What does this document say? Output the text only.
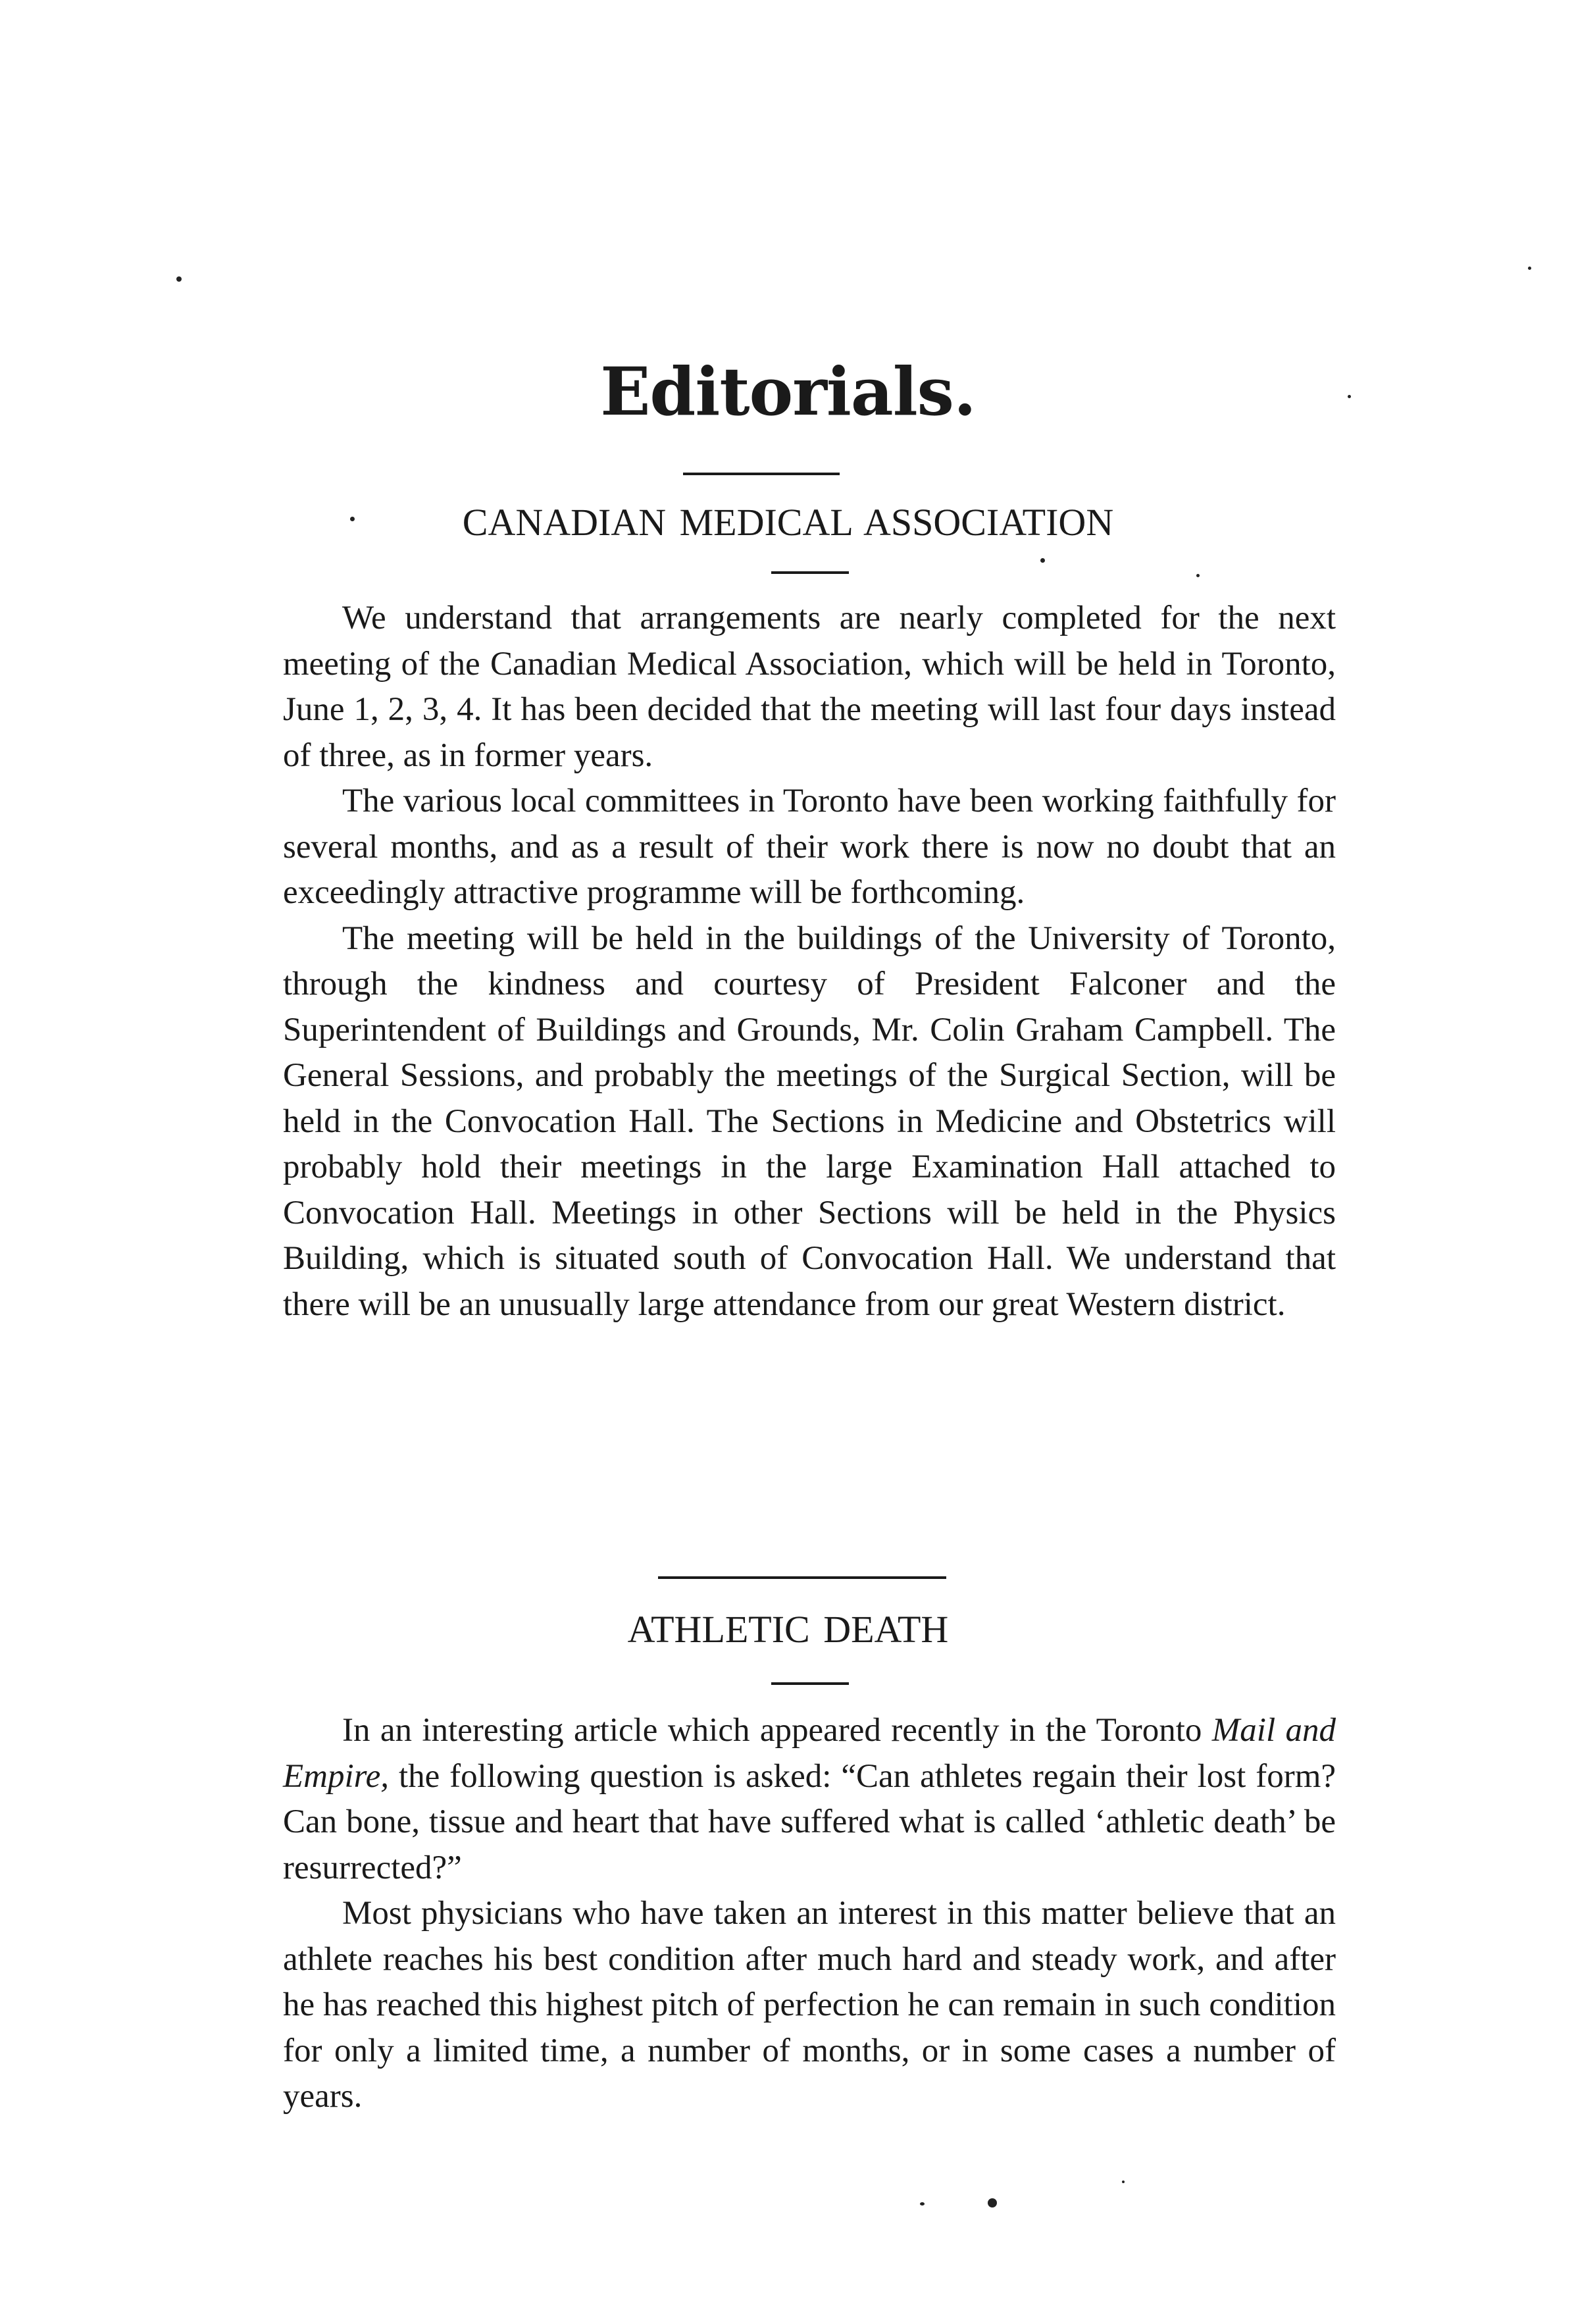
Editorials.
CANADIAN MEDICAL ASSOCIATION

We understand that arrangements are nearly completed for the next meeting of the Canadian Medical Association, which will be held in Toronto, June 1, 2, 3, 4. It has been decided that the meeting will last four days instead of three, as in former years.

The various local committees in Toronto have been working faithfully for several months, and as a result of their work there is now no doubt that an exceedingly attractive programme will be forthcoming.

The meeting will be held in the buildings of the University of Toronto, through the kindness and courtesy of President Falconer and the Superintendent of Buildings and Grounds, Mr. Colin Graham Campbell. The General Sessions, and probably the meetings of the Surgical Section, will be held in the Convocation Hall. The Sections in Medicine and Obstetrics will probably hold their meetings in the large Examination Hall attached to Convocation Hall. Meetings in other Sections will be held in the Physics Building, which is situated south of Convocation Hall. We understand that there will be an unusually large attendance from our great Western district.

ATHLETIC DEATH

In an interesting article which appeared recently in the Toronto Mail and Empire, the following question is asked: “Can athletes regain their lost form? Can bone, tissue and heart that have suffered what is called ‘athletic death’ be resurrected?”

Most physicians who have taken an interest in this matter believe that an athlete reaches his best condition after much hard and steady work, and after he has reached this highest pitch of perfection he can remain in such condition for only a limited time, a number of months, or in some cases a number of years.
